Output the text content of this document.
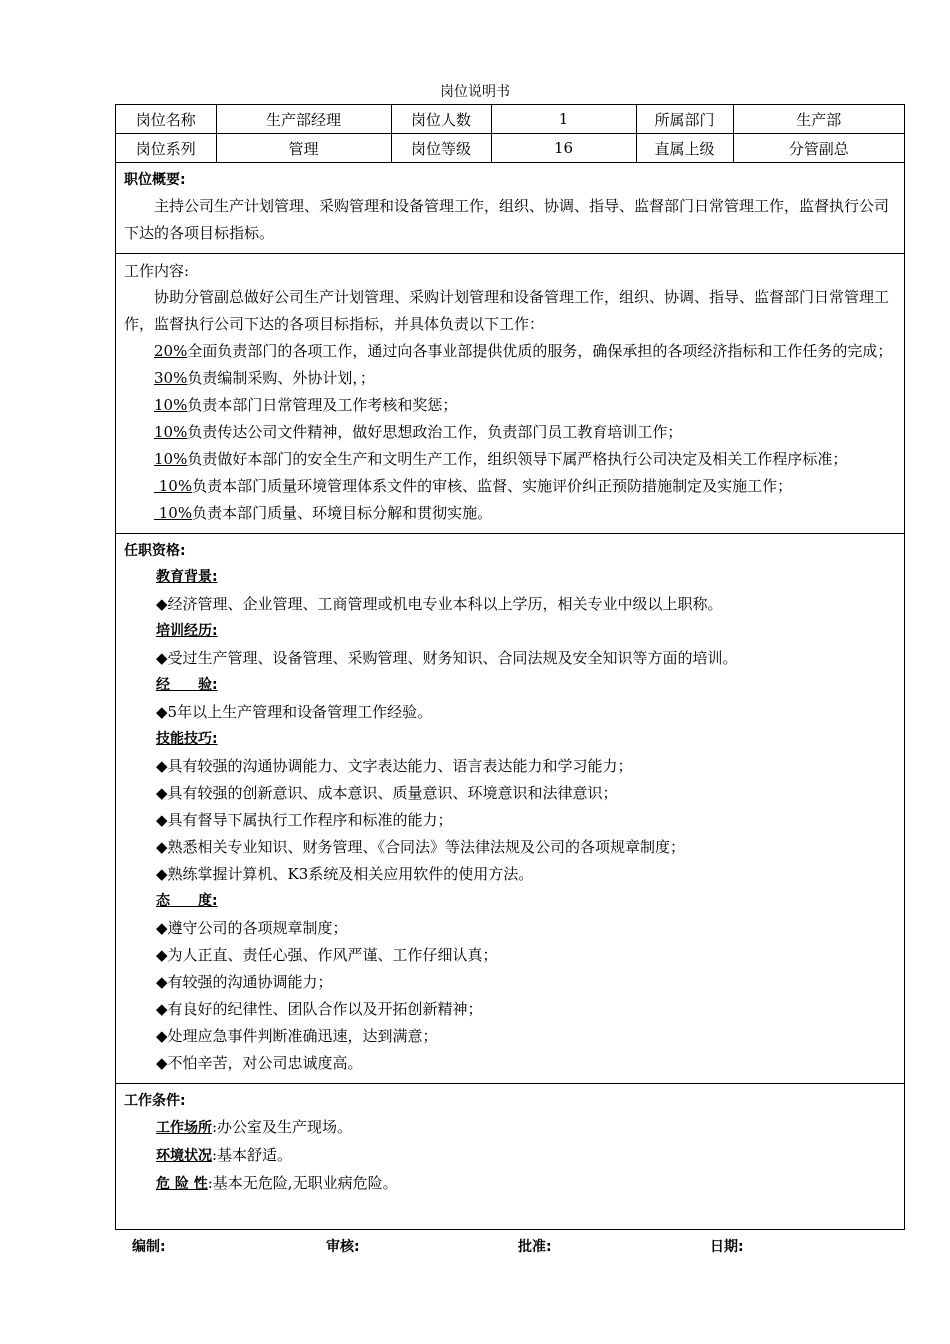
岗位说明书
岗位名称	生产部经理	岗位人数	1	所属部门	生产部
岗位系列	管理	岗位等级	16	直属上级	分管副总
职位概要:
主持公司生产计划管理、采购管理和设备管理工作，组织、协调、指导、监督部门日常管理工作，监督执行公司下达的各项目标指标。
工作内容:
协助分管副总做好公司生产计划管理、采购计划管理和设备管理工作，组织、协调、指导、监督部门日常管理工作，监督执行公司下达的各项目标指标，并具体负责以下工作：
20%全面负责部门的各项工作，通过向各事业部提供优质的服务，确保承担的各项经济指标和工作任务的完成；
30%负责编制采购、外协计划，；
10%负责本部门日常管理及工作考核和奖惩；
10%负责传达公司文件精神，做好思想政治工作，负责部门员工教育培训工作；
10%负责做好本部门的安全生产和文明生产工作，组织领导下属严格执行公司决定及相关工作程序标准；
10%负责本部门质量环境管理体系文件的审核、监督、实施评价纠正预防措施制定及实施工作；
10%负责本部门质量、环境目标分解和贯彻实施。
任职资格:
教育背景:
◆经济管理、企业管理、工商管理或机电专业本科以上学历，相关专业中级以上职称。
培训经历:
◆受过生产管理、设备管理、采购管理、财务知识、合同法规及安全知识等方面的培训。
经　　验:
◆5年以上生产管理和设备管理工作经验。
技能技巧:
◆具有较强的沟通协调能力、文字表达能力、语言表达能力和学习能力；
◆具有较强的创新意识、成本意识、质量意识、环境意识和法律意识；
◆具有督导下属执行工作程序和标准的能力；
◆熟悉相关专业知识、财务管理、《合同法》等法律法规及公司的各项规章制度；
◆熟练掌握计算机、K3系统及相关应用软件的使用方法。
态　　度:
◆遵守公司的各项规章制度；
◆为人正直、责任心强、作风严谨、工作仔细认真；
◆有较强的沟通协调能力；
◆有良好的纪律性、团队合作以及开拓创新精神；
◆处理应急事件判断准确迅速，达到满意；
◆不怕辛苦，对公司忠诚度高。
工作条件:
工作场所:办公室及生产现场。
环境状况:基本舒适。
危 险 性:基本无危险,无职业病危险。
编制:	审核:	批准:	日期:
